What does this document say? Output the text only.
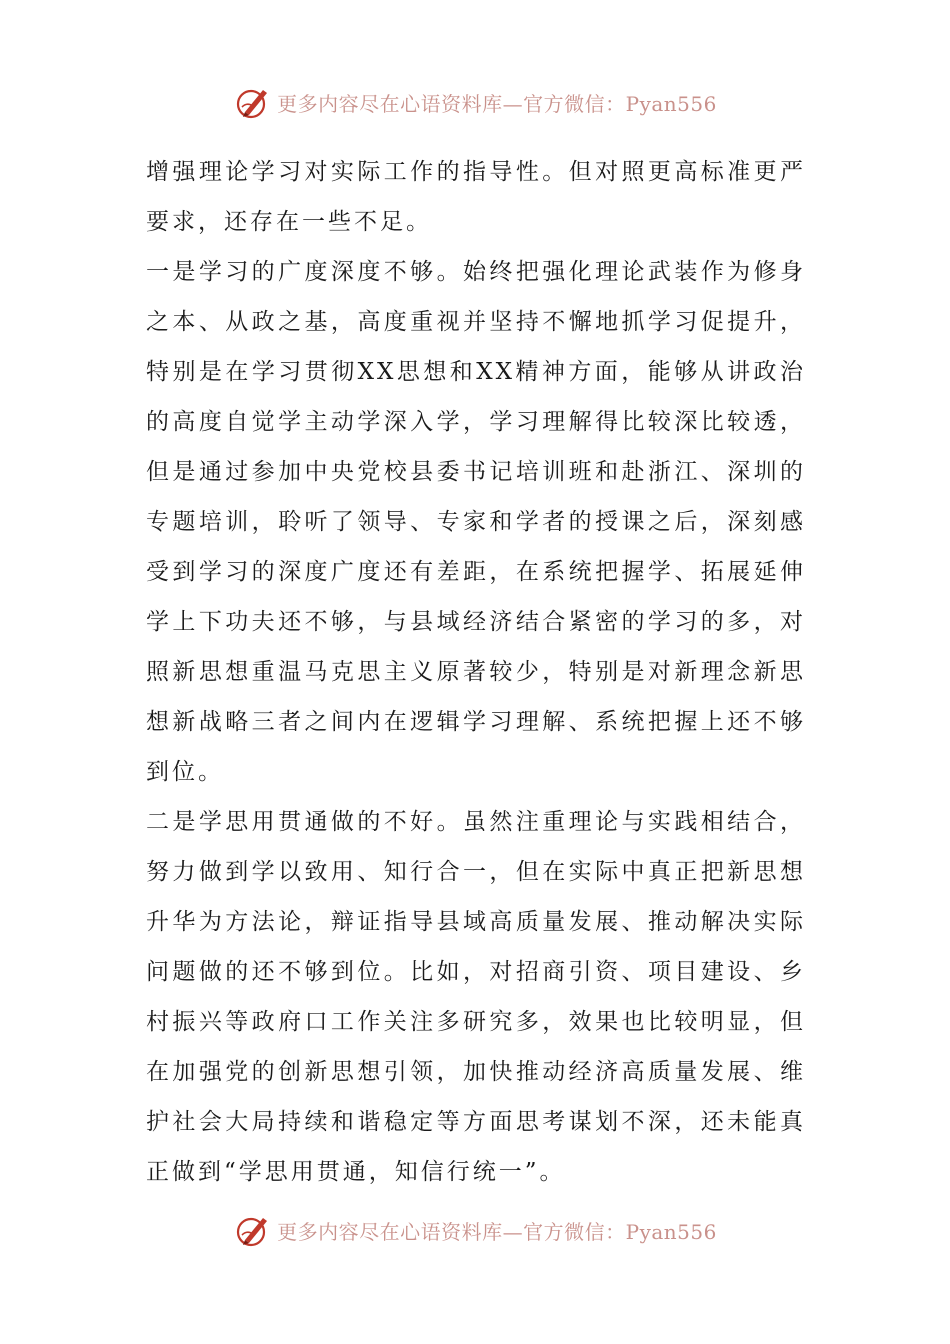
更多内容尽在心语资料库—官方微信：Pyan556

增强理论学习对实际工作的指导性。但对照更高标准更严要求，还存在一些不足。

一是学习的广度深度不够。始终把强化理论武装作为修身之本、从政之基，高度重视并坚持不懈地抓学习促提升，特别是在学习贯彻XX思想和XX精神方面，能够从讲政治的高度自觉学主动学深入学，学习理解得比较深比较透，但是通过参加中央党校县委书记培训班和赴浙江、深圳的专题培训，聆听了领导、专家和学者的授课之后，深刻感受到学习的深度广度还有差距，在系统把握学、拓展延伸学上下功夫还不够，与县域经济结合紧密的学习的多，对照新思想重温马克思主义原著较少，特别是对新理念新思想新战略三者之间内在逻辑学习理解、系统把握上还不够到位。

二是学思用贯通做的不好。虽然注重理论与实践相结合，努力做到学以致用、知行合一，但在实际中真正把新思想升华为方法论，辩证指导县域高质量发展、推动解决实际问题做的还不够到位。比如，对招商引资、项目建设、乡村振兴等政府口工作关注多研究多，效果也比较明显，但在加强党的创新思想引领，加快推动经济高质量发展、维护社会大局持续和谐稳定等方面思考谋划不深，还未能真正做到“学思用贯通，知信行统一”。

更多内容尽在心语资料库—官方微信：Pyan556
